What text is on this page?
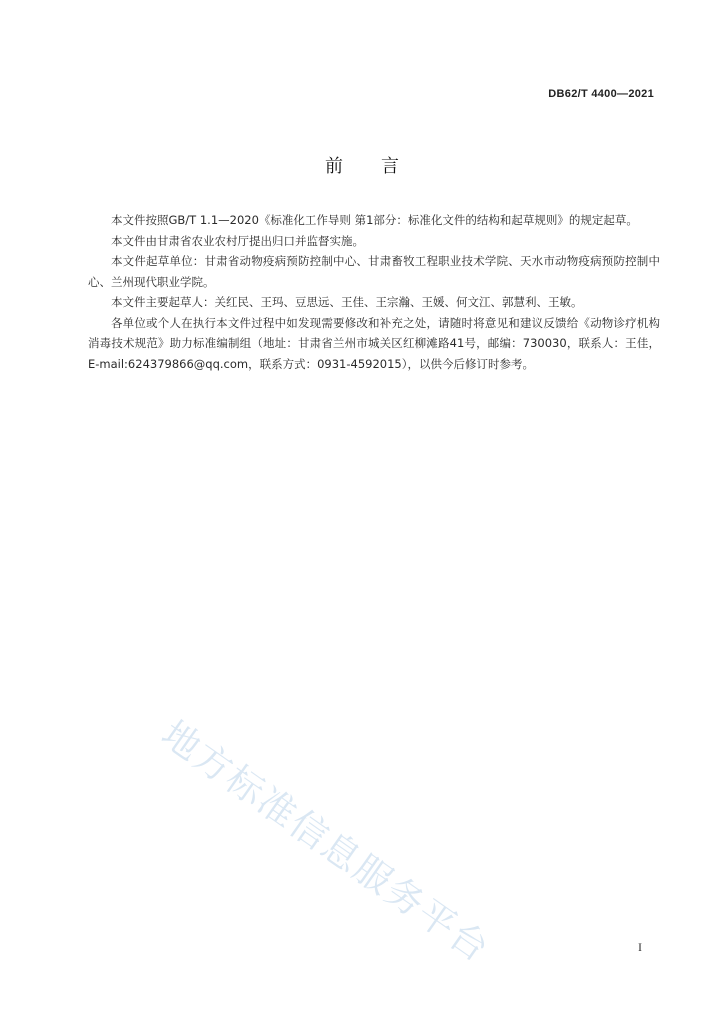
DB62/T 4400—2021
前言

本文件按照GB/T 1.1—2020《标准化工作导则 第1部分：标准化文件的结构和起草规则》的规定起草。

本文件由甘肃省农业农村厅提出归口并监督实施。

本文件起草单位：甘肃省动物疫病预防控制中心、甘肃畜牧工程职业技术学院、天水市动物疫病预防控制中心、兰州现代职业学院。

本文件主要起草人：关红民、王玛、豆思远、王佳、王宗瀚、王媛、何文江、郭慧利、王敏。

各单位或个人在执行本文件过程中如发现需要修改和补充之处，请随时将意见和建议反馈给《动物诊疗机构消毒技术规范》助力标准编制组（地址：甘肃省兰州市城关区红柳滩路41号，邮编：730030，联系人：王佳，E-mail:624379866@qq.com，联系方式：0931-4592015），以供今后修订时参考。

地方标准信息服务平台	I
